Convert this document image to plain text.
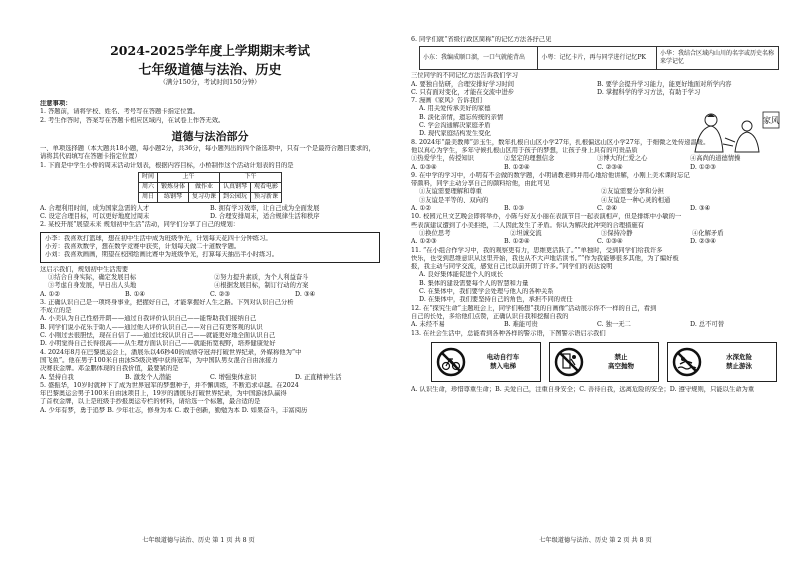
2024-2025学年度上学期期末考试
七年级道德与法治、历史
（满分150分，考试时间150分钟）

注意事项：

1. 答题前，请将学校、姓名、考号写在答题卡指定位置。

2. 考生作答时，答案写在答题卡相应区域内，在试卷上作答无效。

道德与法治部分

一、单项选择题（本大题共18小题，每小题2分，共36分，每小题列出的四个备选项中，只有一个是最符合题目要求的，请将其代码填写在答题卡指定位置）

1. 下面是中学生小桥的周末活动计划表，根据内容目标，小桥制作这个活动计划表的目的是

时间	上午		下午	
周六	锻炼身体	做作业	认真钢琴	观看电影
周日	练钢琴	复习功课	到公园玩	预习新课
A. 合理利用时间，成为国家急需的人才	B. 拥有学习效率，让自己成为全面发展
C. 设定合理目标，可以更好地度过周末	D. 合理安排周末，适合规律生活和秩序

2. 某校开展“展望未来 规划初中生活”活动，同学们分享了自己的规划：

小李：我喜欢打篮球，想在初中生活中成为班级争光，计划每天花四十分钟练习。

小芳：我喜欢数学，想在数学竞赛中获奖，计划每天做二十道数学题。

小刘：我喜欢画画，期望在校园绘画比赛中为班级争光，打算每天抽出半小时练习。

这启示我们，规划初中生活需要

①结合自身实际，确定发展目标	②努力提升素质，为个人利益奋斗
③考虑自身发展，早日出人头地	④根据发展目标，制订行动的方案
A. ①②	B. ①④	C. ②③	D. ③④

3. 正确认识自己是一项终身事业，把握好自己，才能掌握好人生之路。下列对认识自己分析

不成立的是

A. 小美认为自己性格开朗——通过自我评价认识自己——能帮助我们接纳自己

B. 同学们说小花乐于助人——通过他人评价认识自己——对自己有更客观的认识

C. 小刚过去很胆怯，现在自信了——通过比较认识自己——就能更好地全面认识自己

D. 小明觉得自己长得很高——从生理方面认识自己——就能拓宽视野，培养健康爱好

4. 2024年8月在巴黎奥运会上，潘展乐以46秒40的成绩夺冠并打破世界纪录，外媒称他为“中

国飞鱼”。他在男子100米自由泳S5级决赛中获得冠军，为中国队男女混合自由泳接力

决赛获金牌。邓金鹏体现的自我价值，最要紧的是

A. 坚持自我	B. 激发个人潜能	C. 增强集体意识	D. 正直精神生活

5. 盛振华，10岁时就种下了成为世界冠军的梦想种子，并不懈训练，不断追求卓越。在2024

年巴黎奥运会男子100米自由泳项目上，19岁的潘展乐打破世界纪录，为中国游泳队赢得

了首枚金牌，以上是班级手抄报奥运专栏的材料，请给选一个标题，最合适的是

A. 少年有梦，勇于追梦 B. 少年壮志，修身为本 C. 敢于创新，勤勉为本 D. 如果奋斗，丰富阅历

七年级道德与法治、历史 第 1 页 共 8 页

6. 同学们就“省级行政区简称”的记忆方法各抒己见

小东：我编成顺口溜，一口气就能背出	小粤：记忆卡片，再与同学进行记忆PK	小华：我结合区域内山川的名字或历史名称来学记忆

三位同学的不同记忆方法告诉我们学习

A. 要独自钻研，合理安排好学习时间	B. 要学会提升学习能力，能更好地面对所学内容
C. 只有面对变化，才能在交流中进步	D. 掌握科学的学习方法，有助于学习

7. 漫画《家风》告诉我们

A. 用关爱传承美好的家德

B. 淡化亲情，遗忘传统的亲情

C. 学会沟通解决家庭矛盾

D. 现代家庭结构发生变化

8. 2024年“最美教师”彭玉生，数年扎根自山区小学27年，扎根偏远山区小学27年，于细微之处传递温暖。

他以真心为学生，多年守候扎根山区用于孩子的梦想，让孩子身上具有的可贵品质

①热爱学生，传授知识	②坚定的理想信念	③博大的仁爱之心	④高尚的道德情操
A. ①③④	B. ①②④	C. ②③④	D. ①②③

9. 在中学的学习中，小明有不会做的数学题，小明请教老师并用心地给他讲解，小刚上美术课时忘记

带颜料，同学主动分享自己的颜料给他，由此可见

①友谊需要理解和尊重	②友谊需要分享和分担
③友谊是平等的、双向的	④友谊是一种心灵的相通
A. ①②	B. ①③	C. ②④	D. ③④

10. 校园元旦文艺晚会即将举办，小陈与好友小丽在表演节目一起表演相声，但是排练中小敏的一

些表演建议遭到了小美拒绝，二人因此发生了矛盾。你认为解决此冲突的合理措施有

①换位思考	②坦诚交流	③保持冷静	④化解矛盾
A. ①②③	B. ①②④	C. ①③④	D. ②③④

11. “在小组合作学习中，我的观察更有力，思维更活跃了。”“单独时，受到同学们给我许多

快乐，也受到思维意识从这里开始，我也从不大声地话读书。”“作为我能够很多其他，为了编好板

报，我主动与同学交流，感觉自己比以前开朗了许多。”同学们的表达说明

A. 良好集体能促进个人的成长

B. 集体的建设需要每个人的智慧和力量

C. 在集体中，我们要学会处理与他人的各种关系

D. 在集体中，我们要坚持自己的角色，承担不同的责任

12. 在“探究生命”主题班会上，同学们畅想“我的自画像”活动展示你不一样的自己，看到

自己的长处，多给他们点赞，正确认识自我和挖掘自我的

A. 未经不易	B. 难能可贵	C. 独一无二	D. 总不可替

13. 在社会生活中，总能看到各种各样的警示语，下图警示语启示我们

电动自行车
禁入电梯

禁止
高空抛物

水深危险
禁止游泳

A. 认识生命，珍惜尊重生命；B. 关爱自己，注重自身安全；C. 善待自我，远离危险的安全；D. 遵守规则，只能以生命为重

家风
七年级道德与法治、历史 第 2 页 共 8 页
